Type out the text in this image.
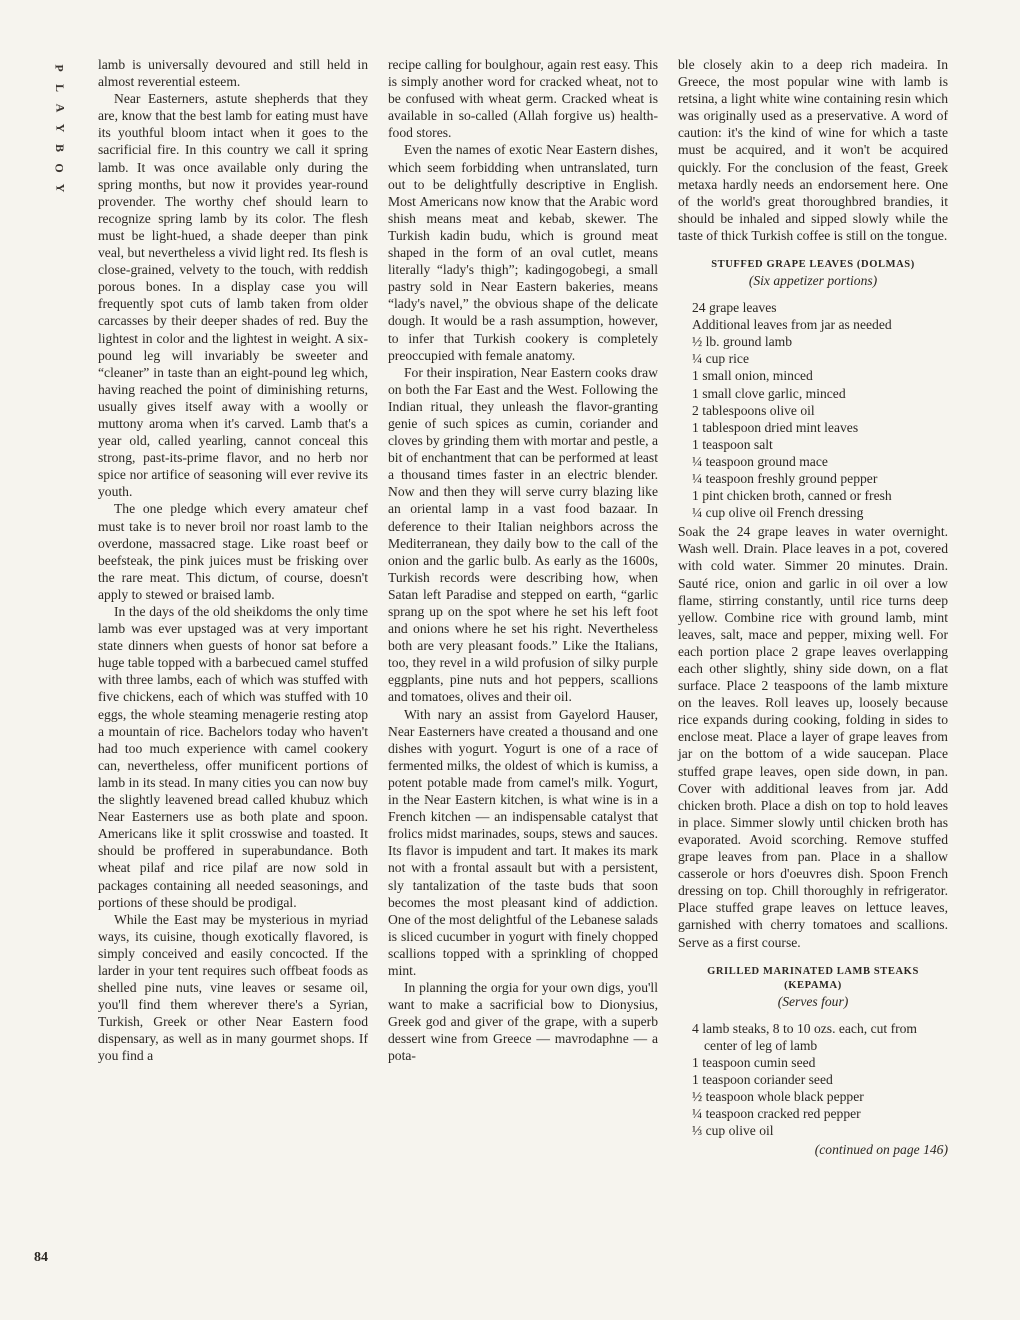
P
L
A
Y
B
O
Y
84

lamb is universally devoured and still held in almost reverential esteem.

Near Easterners, astute shepherds that they are, know that the best lamb for eating must have its youthful bloom intact when it goes to the sacrificial fire. In this country we call it spring lamb. It was once available only during the spring months, but now it provides year-round provender. The worthy chef should learn to recognize spring lamb by its color. The flesh must be light-hued, a shade deeper than pink veal, but nevertheless a vivid light red. Its flesh is close-grained, velvety to the touch, with reddish porous bones. In a display case you will frequently spot cuts of lamb taken from older carcasses by their deeper shades of red. Buy the lightest in color and the lightest in weight. A six-pound leg will invariably be sweeter and “cleaner” in taste than an eight-pound leg which, having reached the point of diminishing returns, usually gives itself away with a woolly or muttony aroma when it's carved. Lamb that's a year old, called yearling, cannot conceal this strong, past-its-prime flavor, and no herb nor spice nor artifice of seasoning will ever revive its youth.

The one pledge which every amateur chef must take is to never broil nor roast lamb to the overdone, massacred stage. Like roast beef or beefsteak, the pink juices must be frisking over the rare meat. This dictum, of course, doesn't apply to stewed or braised lamb.

In the days of the old sheikdoms the only time lamb was ever upstaged was at very important state dinners when guests of honor sat before a huge table topped with a barbecued camel stuffed with three lambs, each of which was stuffed with five chickens, each of which was stuffed with 10 eggs, the whole steaming menagerie resting atop a mountain of rice. Bachelors today who haven't had too much experience with camel cookery can, nevertheless, offer munificent portions of lamb in its stead. In many cities you can now buy the slightly leavened bread called khubuz which Near Easterners use as both plate and spoon. Americans like it split crosswise and toasted. It should be proffered in superabundance. Both wheat pilaf and rice pilaf are now sold in packages containing all needed seasonings, and portions of these should be prodigal.

While the East may be mysterious in myriad ways, its cuisine, though exotically flavored, is simply conceived and easily concocted. If the larder in your tent requires such offbeat foods as shelled pine nuts, vine leaves or sesame oil, you'll find them wherever there's a Syrian, Turkish, Greek or other Near Eastern food dispensary, as well as in many gourmet shops. If you find a

recipe calling for boulghour, again rest easy. This is simply another word for cracked wheat, not to be confused with wheat germ. Cracked wheat is available in so-called (Allah forgive us) health-food stores.

Even the names of exotic Near Eastern dishes, which seem forbidding when untranslated, turn out to be delightfully descriptive in English. Most Americans now know that the Arabic word shish means meat and kebab, skewer. The Turkish kadin budu, which is ground meat shaped in the form of an oval cutlet, means literally “lady's thigh”; kadingogobegi, a small pastry sold in Near Eastern bakeries, means “lady's navel,” the obvious shape of the delicate dough. It would be a rash assumption, however, to infer that Turkish cookery is completely preoccupied with female anatomy.

For their inspiration, Near Eastern cooks draw on both the Far East and the West. Following the Indian ritual, they unleash the flavor-granting genie of such spices as cumin, coriander and cloves by grinding them with mortar and pestle, a bit of enchantment that can be performed at least a thousand times faster in an electric blender. Now and then they will serve curry blazing like an oriental lamp in a vast food bazaar. In deference to their Italian neighbors across the Mediterranean, they daily bow to the call of the onion and the garlic bulb. As early as the 1600s, Turkish records were describing how, when Satan left Paradise and stepped on earth, “garlic sprang up on the spot where he set his left foot and onions where he set his right. Nevertheless both are very pleasant foods.” Like the Italians, too, they revel in a wild profusion of silky purple eggplants, pine nuts and hot peppers, scallions and tomatoes, olives and their oil.

With nary an assist from Gayelord Hauser, Near Easterners have created a thousand and one dishes with yogurt. Yogurt is one of a race of fermented milks, the oldest of which is kumiss, a potent potable made from camel's milk. Yogurt, in the Near Eastern kitchen, is what wine is in a French kitchen — an indispensable catalyst that frolics midst marinades, soups, stews and sauces. Its flavor is impudent and tart. It makes its mark not with a frontal assault but with a persistent, sly tantalization of the taste buds that soon becomes the most pleasant kind of addiction. One of the most delightful of the Lebanese salads is sliced cucumber in yogurt with finely chopped scallions topped with a sprinkling of chopped mint.

In planning the orgia for your own digs, you'll want to make a sacrificial bow to Dionysius, Greek god and giver of the grape, with a superb dessert wine from Greece — mavrodaphne — a pota-

ble closely akin to a deep rich madeira. In Greece, the most popular wine with lamb is retsina, a light white wine containing resin which was originally used as a preservative. A word of caution: it's the kind of wine for which a taste must be acquired, and it won't be acquired quickly. For the conclusion of the feast, Greek metaxa hardly needs an endorsement here. One of the world's great thoroughbred brandies, it should be inhaled and sipped slowly while the taste of thick Turkish coffee is still on the tongue.

STUFFED GRAPE LEAVES (DOLMAS)
(Six appetizer portions)
24 grape leaves
Additional leaves from jar as needed
½ lb. ground lamb
¼ cup rice
1 small onion, minced
1 small clove garlic, minced
2 tablespoons olive oil
1 tablespoon dried mint leaves
1 teaspoon salt
¼ teaspoon ground mace
¼ teaspoon freshly ground pepper
1 pint chicken broth, canned or fresh
¼ cup olive oil French dressing

Soak the 24 grape leaves in water overnight. Wash well. Drain. Place leaves in a pot, covered with cold water. Simmer 20 minutes. Drain. Sauté rice, onion and garlic in oil over a low flame, stirring constantly, until rice turns deep yellow. Combine rice with ground lamb, mint leaves, salt, mace and pepper, mixing well. For each portion place 2 grape leaves overlapping each other slightly, shiny side down, on a flat surface. Place 2 teaspoons of the lamb mixture on the leaves. Roll leaves up, loosely because rice expands during cooking, folding in sides to enclose meat. Place a layer of grape leaves from jar on the bottom of a wide saucepan. Place stuffed grape leaves, open side down, in pan. Cover with additional leaves from jar. Add chicken broth. Place a dish on top to hold leaves in place. Simmer slowly until chicken broth has evaporated. Avoid scorching. Remove stuffed grape leaves from pan. Place in a shallow casserole or hors d'oeuvres dish. Spoon French dressing on top. Chill thoroughly in refrigerator. Place stuffed grape leaves on lettuce leaves, garnished with cherry tomatoes and scallions. Serve as a first course.

GRILLED MARINATED LAMB STEAKS (KEPAMA)
(Serves four)
4 lamb steaks, 8 to 10 ozs. each, cut from center of leg of lamb
1 teaspoon cumin seed
1 teaspoon coriander seed
½ teaspoon whole black pepper
¼ teaspoon cracked red pepper
⅓ cup olive oil
(continued on page 146)
